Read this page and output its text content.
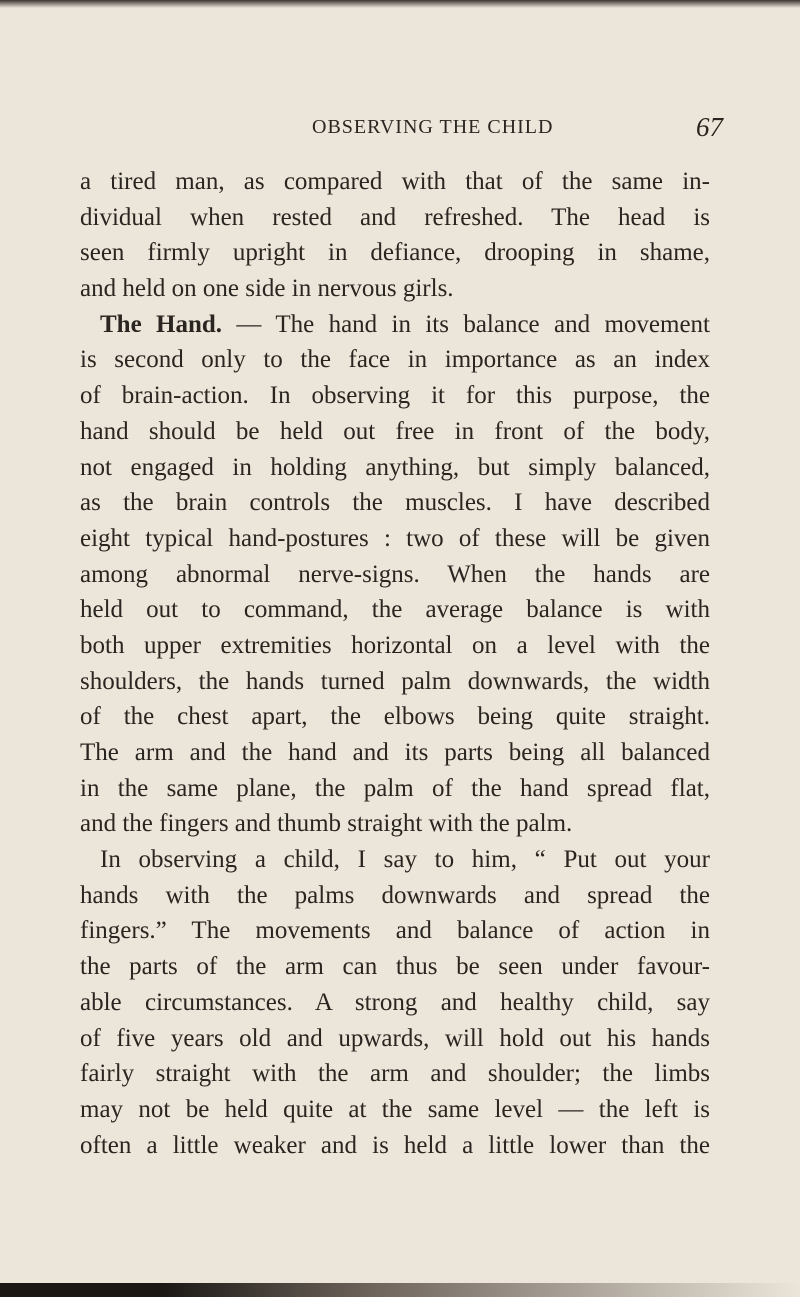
OBSERVING THE CHILD	67
a tired man, as compared with that of the same in-
dividual when rested and refreshed. The head is
seen firmly upright in defiance, drooping in shame,
and held on one side in nervous girls.
The Hand. — The hand in its balance and movement
is second only to the face in importance as an index
of brain-action. In observing it for this purpose, the
hand should be held out free in front of the body,
not engaged in holding anything, but simply balanced,
as the brain controls the muscles. I have described
eight typical hand-postures : two of these will be given
among abnormal nerve-signs. When the hands are
held out to command, the average balance is with
both upper extremities horizontal on a level with the
shoulders, the hands turned palm downwards, the width
of the chest apart, the elbows being quite straight.
The arm and the hand and its parts being all balanced
in the same plane, the palm of the hand spread flat,
and the fingers and thumb straight with the palm.
In observing a child, I say to him, “ Put out your
hands with the palms downwards and spread the
fingers.” The movements and balance of action in
the parts of the arm can thus be seen under favour-
able circumstances. A strong and healthy child, say
of five years old and upwards, will hold out his hands
fairly straight with the arm and shoulder; the limbs
may not be held quite at the same level — the left is
often a little weaker and is held a little lower than the
